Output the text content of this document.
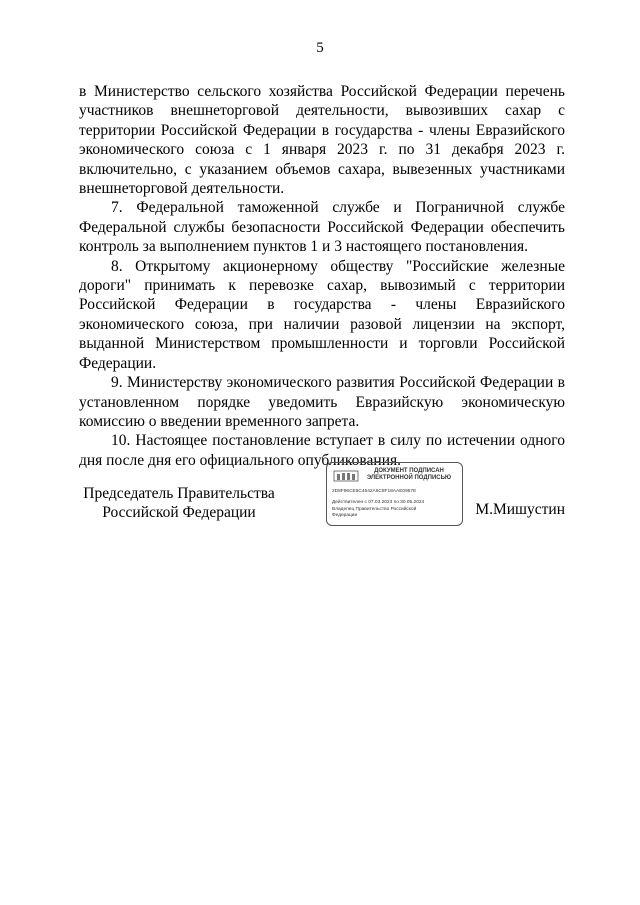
5

в Министерство сельского хозяйства Российской Федерации перечень участников внешнеторговой деятельности, вывозивших сахар с территории Российской Федерации в государства - члены Евразийского экономического союза с 1 января 2023 г. по 31 декабря 2023 г. включительно, с указанием объемов сахара, вывезенных участниками внешнеторговой деятельности.

7. Федеральной таможенной службе и Пограничной службе Федеральной службы безопасности Российской Федерации обеспечить контроль за выполнением пунктов 1 и 3 настоящего постановления.

8. Открытому акционерному обществу "Российские железные дороги" принимать к перевозке сахар, вывозимый с территории Российской Федерации в государства - члены Евразийского экономического союза, при наличии разовой лицензии на экспорт, выданной Министерством промышленности и торговли Российской Федерации.

9. Министерству экономического развития Российской Федерации в установленном порядке уведомить Евразийскую экономическую комиссию о введении временного запрета.

10. Настоящее постановление вступает в силу по истечении одного дня после дня его официального опубликования.

Председатель Правительства
Российской Федерации
ДОКУМЕНТ ПОДПИСАН
ЭЛЕКТРОННОЙ ПОДПИСЬЮ
2D8F96CE5C4642A6C8F18AAE0957E
Действителен с 07.03.2023 по 30.05.2024
Владелец Правительство Российской
Федерации	М.Мишустин
